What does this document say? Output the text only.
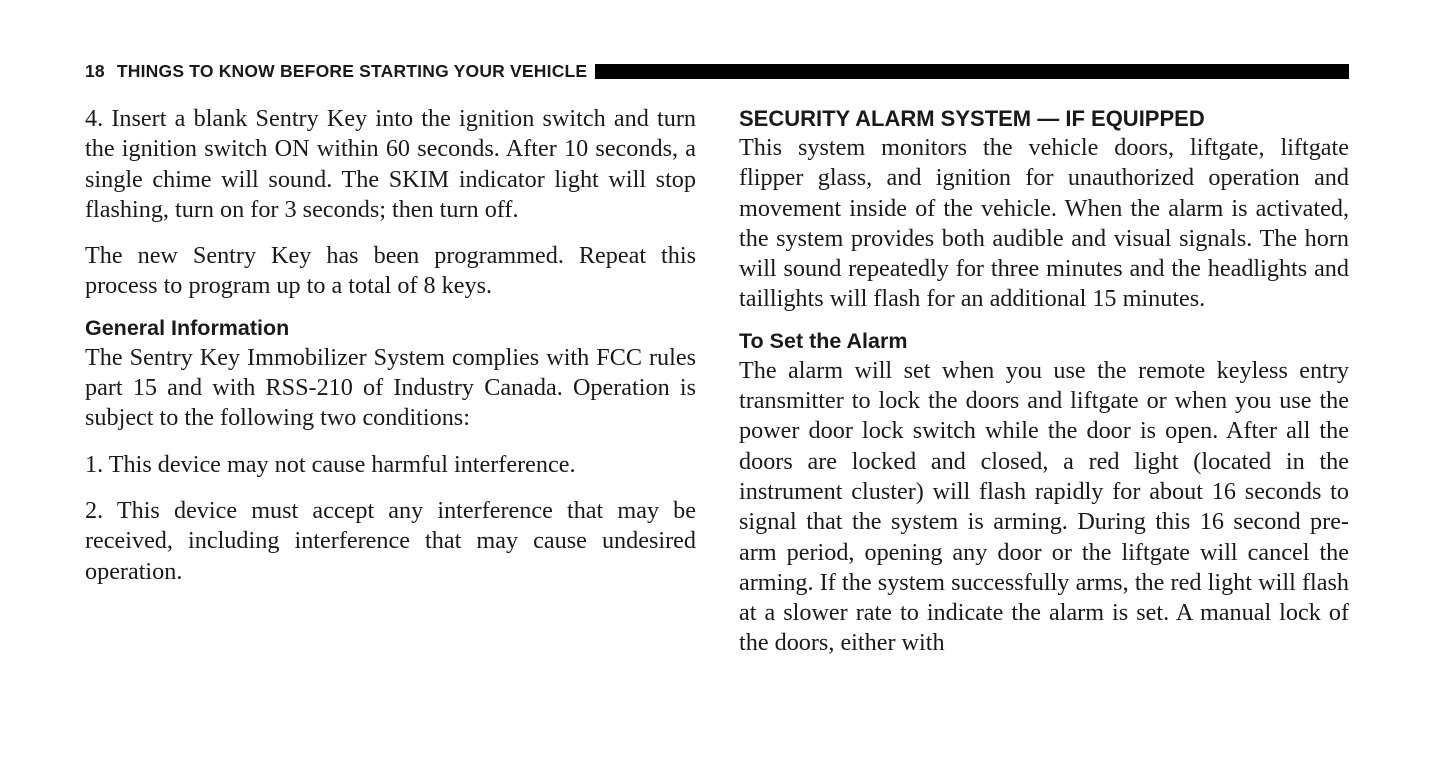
18 THINGS TO KNOW BEFORE STARTING YOUR VEHICLE

4. Insert a blank Sentry Key into the ignition switch and turn the ignition switch ON within 60 seconds. After 10 seconds, a single chime will sound. The SKIM indicator light will stop flashing, turn on for 3 seconds; then turn off.

The new Sentry Key has been programmed. Repeat this process to program up to a total of 8 keys.

General Information

The Sentry Key Immobilizer System complies with FCC rules part 15 and with RSS-210 of Industry Canada. Operation is subject to the following two conditions:

1. This device may not cause harmful interference.

2. This device must accept any interference that may be received, including interference that may cause undesired operation.

SECURITY ALARM SYSTEM — IF EQUIPPED

This system monitors the vehicle doors, liftgate, liftgate flipper glass, and ignition for unauthorized operation and movement inside of the vehicle. When the alarm is activated, the system provides both audible and visual signals. The horn will sound repeatedly for three minutes and the headlights and taillights will flash for an additional 15 minutes.

To Set the Alarm

The alarm will set when you use the remote keyless entry transmitter to lock the doors and liftgate or when you use the power door lock switch while the door is open. After all the doors are locked and closed, a red light (located in the instrument cluster) will flash rapidly for about 16 seconds to signal that the system is arming. During this 16 second pre-arm period, opening any door or the liftgate will cancel the arming. If the system successfully arms, the red light will flash at a slower rate to indicate the alarm is set. A manual lock of the doors, either with
